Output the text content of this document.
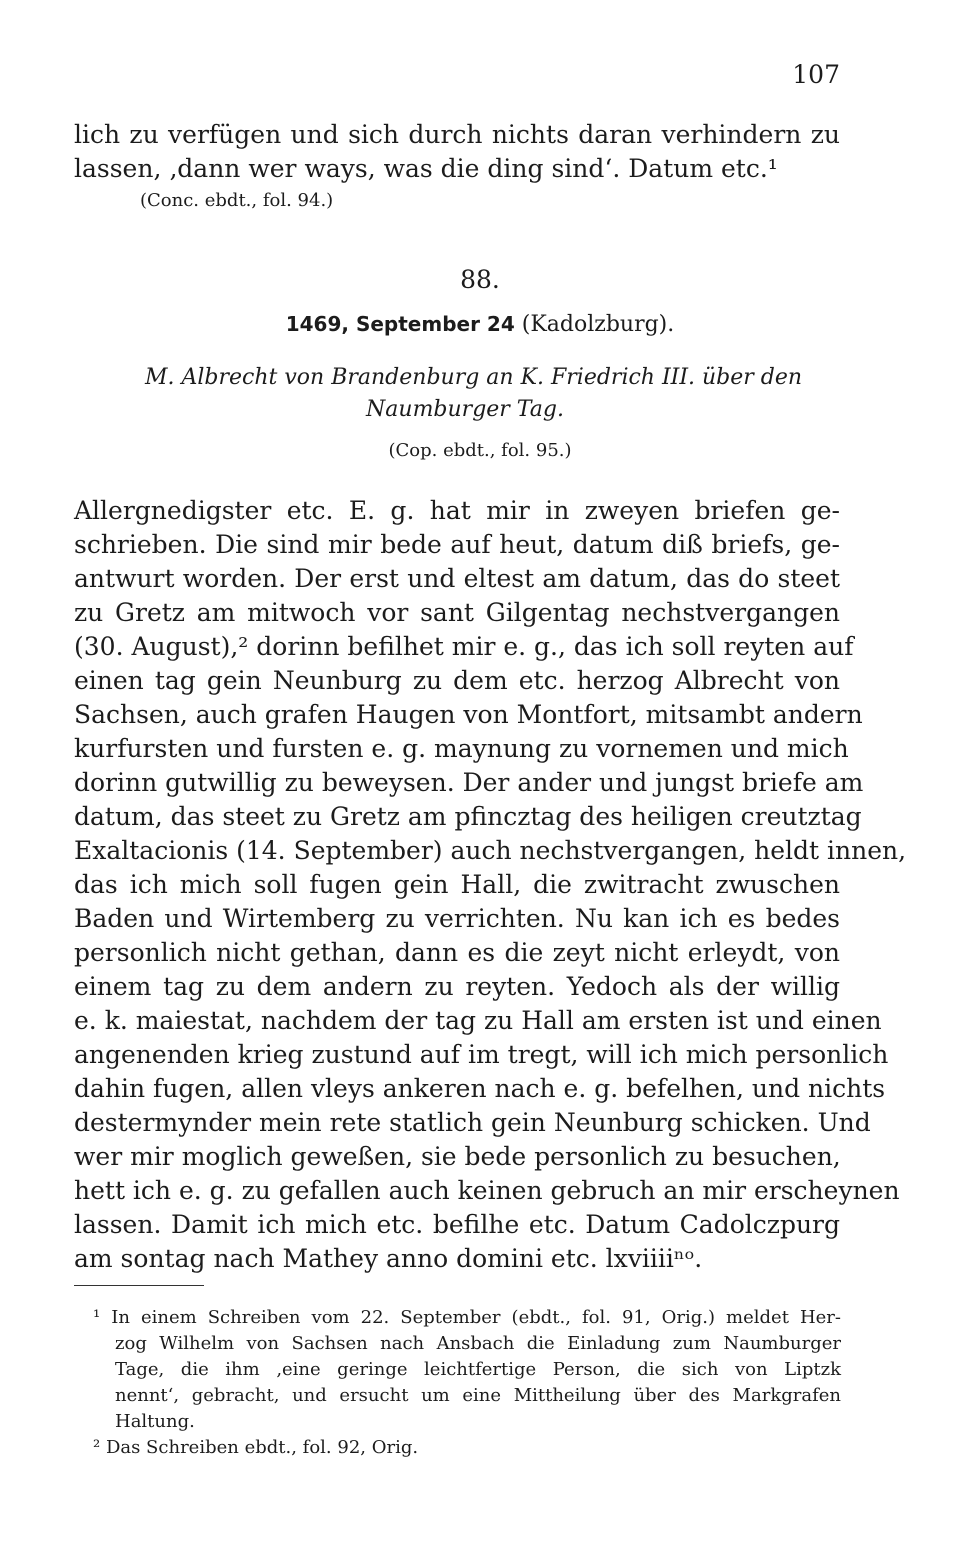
107

lich zu verfügen und sich durch nichts daran verhindern zu
lassen, ‚dann wer ways, was die ding sind‘. Datum etc.¹

(Conc. ebdt., fol. 94.)
88.
1469, September 24 (Kadolzburg).
M. Albrecht von Brandenburg an K. Friedrich III. über den
Naumburger Tag.
(Cop. ebdt., fol. 95.)

Allergnedigster etc. E. g. hat mir in zweyen briefen ge-
schrieben. Die sind mir bede auf heut, datum diß briefs, ge-
antwurt worden. Der erst und eltest am datum, das do steet
zu Gretz am mitwoch vor sant Gilgentag nechstvergangen
(30. August),² dorinn befilhet mir e. g., das ich soll reyten auf
einen tag gein Neunburg zu dem etc. herzog Albrecht von
Sachsen, auch grafen Haugen von Montfort, mitsambt andern
kurfursten und fursten e. g. maynung zu vornemen und mich
dorinn gutwillig zu beweysen. Der ander und jungst briefe am
datum, das steet zu Gretz am pfinсztag des heiligen creutztag
Exaltacionis (14. September) auch nechstvergangen, heldt innen,
das ich mich soll fugen gein Hall, die zwitracht zwuschen
Baden und Wirtemberg zu verrichten. Nu kan ich es bedes
personlich nicht gethan, dann es die zeyt nicht erleydt, von
einem tag zu dem andern zu reyten. Yedoch als der willig
e. k. maiestat, nachdem der tag zu Hall am ersten ist und einen
angenenden krieg zustund auf im tregt, will ich mich personlich
dahin fugen, allen vleys ankeren nach e. g. befelhen, und nichts
destermynder mein rete statlich gein Neunburg schicken. Und
wer mir moglich geweßen, sie bede personlich zu besuchen,
hett ich e. g. zu gefallen auch keinen gebruch an mir erscheynen
lassen. Damit ich mich etc. befilhe etc. Datum Cadolczpurg
am sontag nach Mathey anno domini etc. lxviiiiⁿᵒ.

¹ In einem Schreiben vom 22. September (ebdt., fol. 91, Orig.) meldet Her-
zog Wilhelm von Sachsen nach Ansbach die Einladung zum Naumburger
Tage, die ihm ‚eine geringe leichtfertige Person, die sich von Liptzk
nennt‘, gebracht, und ersucht um eine Mittheilung über des Markgrafen
Haltung.

² Das Schreiben ebdt., fol. 92, Orig.
